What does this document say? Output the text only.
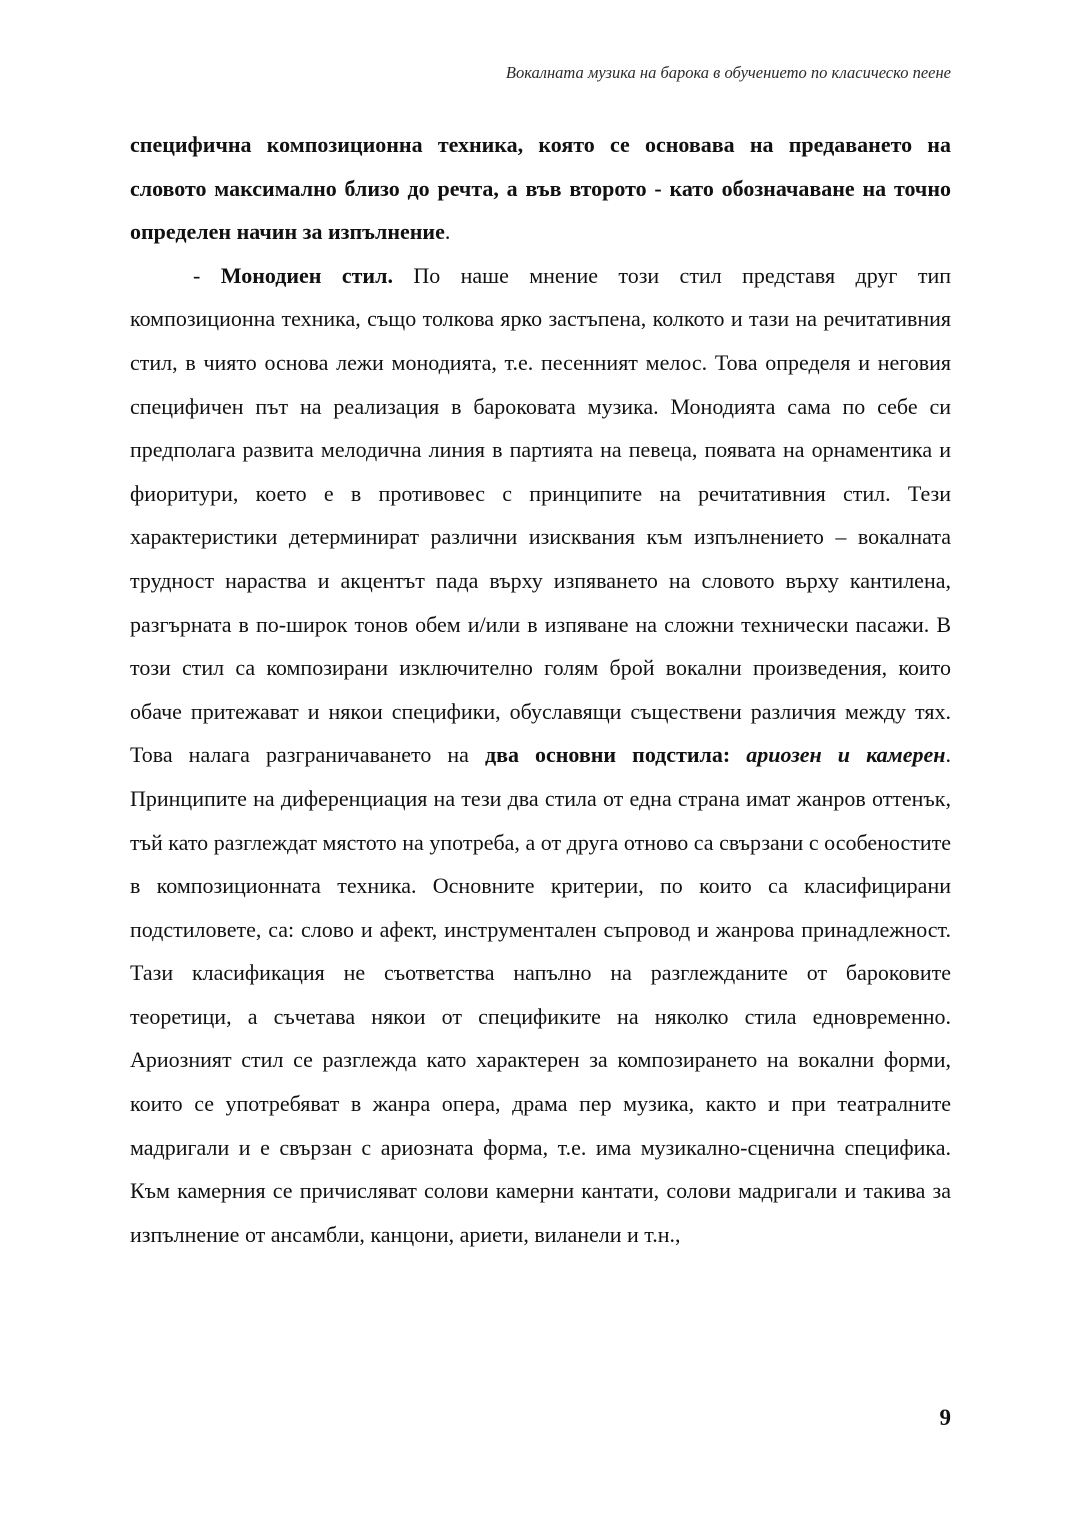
Вокалната музика на барока в обучението по класическо пеене

специфична композиционна техника, която се основава на предаването на словото максимално близо до речта, а във второто - като обозначаване на точно определен начин за изпълнение.

- Монодиен стил. По наше мнение този стил представя друг тип композиционна техника, също толкова ярко застъпена, колкото и тази на речитативния стил, в чиято основа лежи монодията, т.е. песенният мелос. Това определя и неговия специфичен път на реализация в бароковата музика. Монодията сама по себе си предполага развита мелодична линия в партията на певеца, появата на орнаментика и фиоритури, което е в противовес с принципите на речитативния стил. Тези характеристики детерминират различни изисквания към изпълнението – вокалната трудност нараства и акцентът пада върху изпяването на словото върху кантилена, разгърната в по-широк тонов обем и/или в изпяване на сложни технически пасажи. В този стил са композирани изключително голям брой вокални произведения, които обаче притежават и някои специфики, обуславящи съществени различия между тях. Това налага разграничаването на два основни подстила: ариозен и камерен. Принципите на диференциация на тези два стила от една страна имат жанров оттенък, тъй като разглеждат мястото на употреба, а от друга отново са свързани с особеностите в композиционната техника. Основните критерии, по които са класифицирани подстиловете, са: слово и афект, инструментален съпровод и жанрова принадлежност. Тази класификация не съответства напълно на разглежданите от бароковите теоретици, а съчетава някои от спецификите на няколко стила едновременно. Ариозният стил се разглежда като характерен за композирането на вокални форми, които се употребяват в жанра опера, драма пер музика, както и при театралните мадригали и е свързан с ариозната форма, т.е. има музикално-сценична специфика. Към камерния се причисляват солови камерни кантати, солови мадригали и такива за изпълнение от ансамбли, канцони, ариети, виланели и т.н.,

9
